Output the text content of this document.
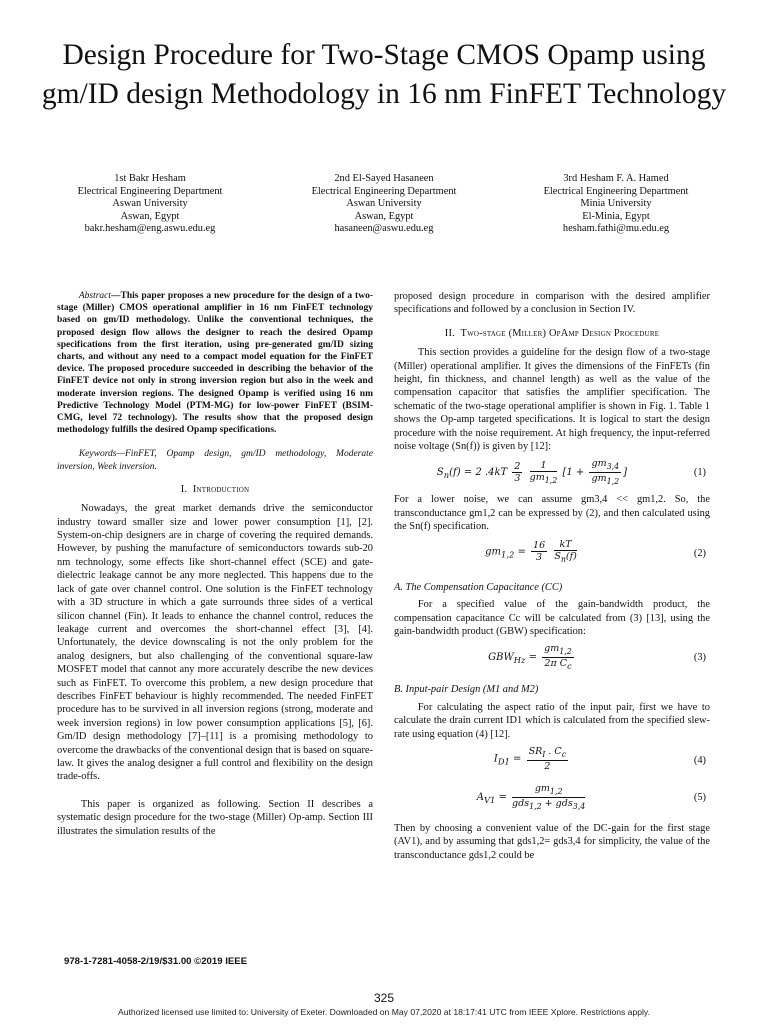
Design Procedure for Two-Stage CMOS Opamp using gm/ID design Methodology in 16 nm FinFET Technology
1st Bakr Hesham
Electrical Engineering Department
Aswan University
Aswan, Egypt
bakr.hesham@eng.aswu.edu.eg
2nd El-Sayed Hasaneen
Electrical Engineering Department
Aswan University
Aswan, Egypt
hasaneen@aswu.edu.eg
3rd Hesham F. A. Hamed
Electrical Engineering Department
Minia University
El-Minia, Egypt
hesham.fathi@mu.edu.eg

Abstract—This paper proposes a new procedure for the design of a two-stage (Miller) CMOS operational amplifier in 16 nm FinFET technology based on gm/ID methodology. Unlike the conventional techniques, the proposed design flow allows the designer to reach the desired Opamp specifications from the first iteration, using pre-generated gm/ID sizing charts, and without any need to a compact model equation for the FinFET device. The proposed procedure succeeded in describing the behavior of the FinFET device not only in strong inversion region but also in the week and moderate inversion regions. The designed Opamp is verified using 16 nm Predictive Technology Model (PTM-MG) for low-power FinFET (BSIM-CMG, level 72 technology). The results show that the proposed design methodology fulfills the desired Opamp specifications.

Keywords—FinFET, Opamp design, gm/ID methodology, Moderate inversion, Week inversion.

I. Introduction

Nowadays, the great market demands drive the semiconductor industry toward smaller size and lower power consumption [1], [2]. System-on-chip designers are in charge of covering the required demands. However, by pushing the manufacture of semiconductors towards sub-20 nm technology, some effects like short-channel effect (SCE) and gate-dielectric leakage cannot be any more neglected. This happens due to the lack of gate over channel control. One solution is the FinFET technology with a 3D structure in which a gate surrounds three sides of a vertical silicon channel (Fin). It leads to enhance the channel control, reduces the leakage current and overcomes the short-channel effect [3], [4]. Unfortunately, the device downscaling is not the only problem for the analog designers, but also challenging of the conventional square-law MOSFET model that cannot any more accurately describe the new devices such as FinFET. To overcome this problem, a new design procedure that describes FinFET behaviour is highly recommended. The needed FinFET procedure has to be survived in all inversion regions (strong, moderate and week inversion regions) in low power consumption applications [5], [6]. Gm/ID design methodology [7]–[11] is a promising methodology to overcome the drawbacks of the conventional design that is based on square-law. It gives the analog designer a full control and flexibility on the design trade-offs.

This paper is organized as following. Section II describes a systematic design procedure for the two-stage (Miller) Op-amp. Section III illustrates the simulation results of the

proposed design procedure in comparison with the desired amplifier specifications and followed by a conclusion in Section IV.

II. Two-stage (Miller) OpAmp Design Procedure

This section provides a guideline for the design flow of a two-stage (Miller) operational amplifier. It gives the dimensions of the FinFETs (fin height, fin thickness, and channel length) as well as the value of the compensation capacitor that satisfies the amplifier specification. The schematic of the two-stage operational amplifier is shown in Fig. 1. Table 1 shows the Op-amp targeted specifications. It is logical to start the design procedure with the noise requirement. At high frequency, the input-referred noise voltage (Sn(f)) is given by [12]:

$S_n(f) = 2$ $.4kT \frac{2}{3}$
$\frac{1}{gm_{1,2}} [1 + \frac{gm_{3,4}}{gm_{1,2}}$ ]	(1)

For a lower noise, we can assume gm3,4 << gm1,2. So, the transconductance gm1,2 can be expressed by (2), and then calculated using the Sn(f) specification.

$gm_{1,2} = \frac{16}{3}$
$\frac{kT}{S_n(f)}$	(2)

A. The Compensation Capacitance (CC)

For a specified value of the gain-bandwidth product, the compensation capacitance Cc will be calculated from (3) [13], using the gain-bandwidth product (GBW) specification:

$GBW_{Hz} = \frac{gm_{1,2}}{2\pi C_c}$	(3)

B. Input-pair Design (M1 and M2)

For calculating the aspect ratio of the input pair, first we have to calculate the drain current ID1 which is calculated from the specified slew-rate using equation (4) [12].

$I_{D1} = \frac{SR_I . C_c}{2}$	(4)
$A_{V1} = \frac{gm_{1,2}}{gds_{1,2} + gds_{3,4}}$	(5)

Then by choosing a convenient value of the DC-gain for the first stage (AV1), and by assuming that gds1,2= gds3,4 for simplicity, the value of the transconductance gds1,2 could be

978-1-7281-4058-2/19/$31.00 ©2019 IEEE
325
Authorized licensed use limited to: University of Exeter. Downloaded on May 07,2020 at 18:17:41 UTC from IEEE Xplore. Restrictions apply.
